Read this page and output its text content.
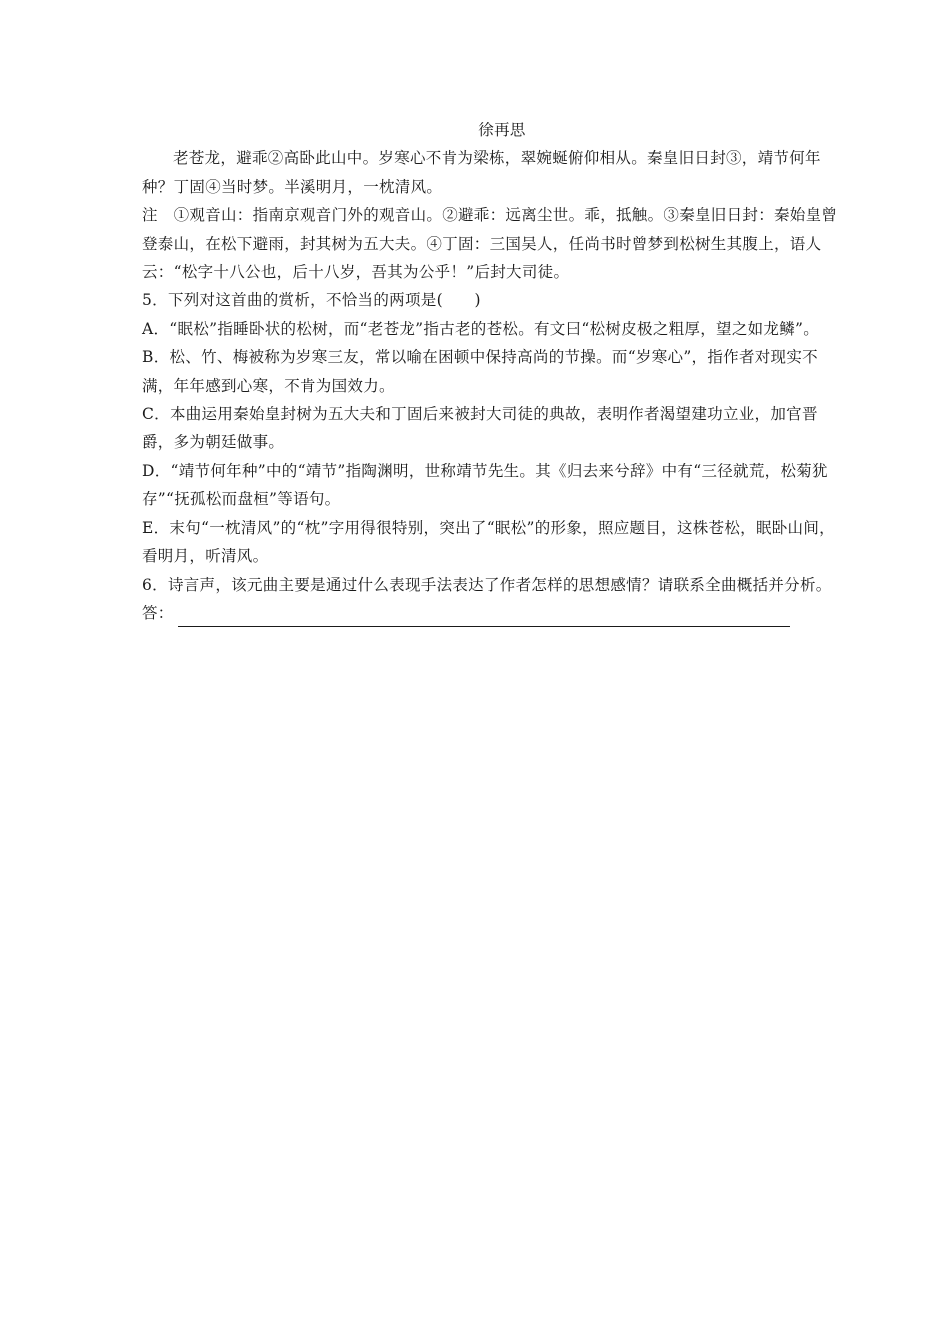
徐再思

老苍龙，避乖②高卧此山中。岁寒心不肯为梁栋，翠婉蜒俯仰相从。秦皇旧日封③，靖节何年种？丁固④当时梦。半溪明月，一枕清风。

注　①观音山：指南京观音门外的观音山。②避乖：远离尘世。乖，抵触。③秦皇旧日封：秦始皇曾登泰山，在松下避雨，封其树为五大夫。④丁固：三国吴人，任尚书时曾梦到松树生其腹上，语人云：“松字十八公也，后十八岁，吾其为公乎！”后封大司徒。

5．下列对这首曲的赏析，不恰当的两项是(　　)

A．“眠松”指睡卧状的松树，而“老苍龙”指古老的苍松。有文曰“松树皮极之粗厚，望之如龙鳞”。

B．松、竹、梅被称为岁寒三友，常以喻在困顿中保持高尚的节操。而“岁寒心”，指作者对现实不满，年年感到心寒，不肯为国效力。

C．本曲运用秦始皇封树为五大夫和丁固后来被封大司徒的典故，表明作者渴望建功立业，加官晋爵，多为朝廷做事。

D．“靖节何年种”中的“靖节”指陶渊明，世称靖节先生。其《归去来兮辞》中有“三径就荒，松菊犹存”“抚孤松而盘桓”等语句。

E．末句“一枕清风”的“枕”字用得很特别，突出了“眠松”的形象，照应题目，这株苍松，眠卧山间，看明月，听清风。

6．诗言声，该元曲主要是通过什么表现手法表达了作者怎样的思想感情？请联系全曲概括并分析。

答：
